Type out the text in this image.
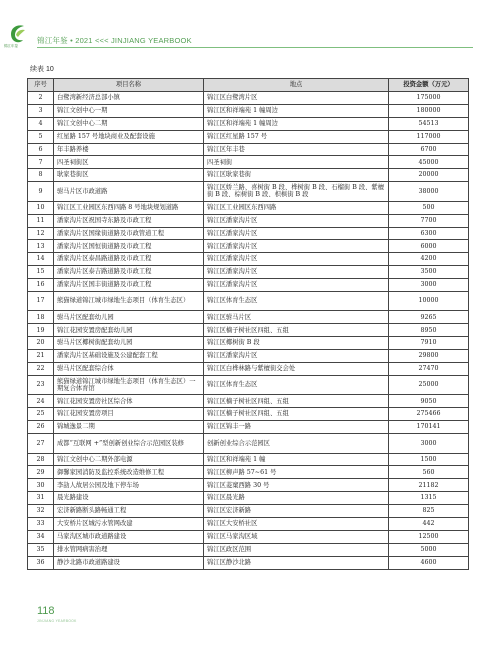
锦江年鉴
锦江年鉴 • 2021 <<< JINJIANG YEARBOOK
续表 10
序号	项目名称	地点	投资金额（万元）
2	白鹭湾新经济总部小镇	锦江区白鹭湾片区	175000
3	锦江文创中心一期	锦江区和祥端苑 1 幢周边	180000
4	锦江文创中心二期	锦江区和祥端苑 1 幢周边	54513
5	红星路 157 号地块商业及配套设施	锦江区红星路 157 号	117000
6	年丰路养楼	锦江区年丰巷	6700
7	四圣祠街区	四圣祠街	45000
8	耿家巷街区	锦江区耿家巷街	20000
9	驸马片区市政道路	锦江区娇兰路、喜树街 B 段、桦树街 B 段、石榴街 B 段、紫檀街 B 段、棕树街 B 段、枳椇街 B 段	38000
10	锦江区工业园区东西四路 8 号地块规划道路	锦江区工业园区东西四路	500
11	潘家沟片区祝国寺东路及市政工程	锦江区潘家沟片区	7700
12	潘家沟片区国缘街道路及市政管道工程	锦江区潘家沟片区	6300
13	潘家沟片区国恒街道路及市政工程	锦江区潘家沟片区	6000
14	潘家沟片区泰昌路道路及市政工程	锦江区潘家沟片区	4200
15	潘家沟片区泰吉路道路及市政工程	锦江区潘家沟片区	3500
16	潘家沟片区国丰街道路及市政工程	锦江区潘家沟片区	3000
17	熊猫绿道锦江城市绿地生态项目（体育生态区）	锦江区体育生态区	10000
18	驸马片区配套幼儿园	锦江区驸马片区	9265
19	锦江花园安置房配套幼儿园	锦江区楠子树社区四组、五组	8950
20	驸马片区椰树街配套幼儿园	锦江区椰树街 B 段	7910
21	潘家沟片区基础设施及公建配套工程	锦江区潘家沟片区	29800
22	驸马片区配套综合体	锦江区白桦林路与紫檀街交会处	27470
23	熊猫绿道锦江城市绿地生态项目（体育生态区）一期复合体育馆	锦江区体育生态区	25000
24	锦江花园安置房社区综合体	锦江区楠子树社区四组、五组	9050
25	锦江花园安置房项目	锦江区楠子树社区四组、五组	275466
26	锦城逸景二期	锦江区锦丰一路	170141
27	成都“互联网 +”型创新创业综合示范园区装修	创新创业综合示范园区	3000
28	锦江文创中心二期外部电源	锦江区和祥端苑 1 幢	1500
29	御馨家园消防及监控系统改造维修工程	锦江区柳声路 57~61 号	560
30	李劼人故居公园及地下停车场	锦江区菱窠西路 30 号	21182
31	晨光路建设	锦江区晨光路	1315
32	宏济新路断头路畅通工程	锦江区宏济新路	825
33	大安桥片区城污水管网改建	锦江区大安桥社区	442
34	马家沟区城市政道路建设	锦江区马家沟区域	12500
35	排水管网病害治理	锦江区政区范围	5000
36	静沙北路市政道路建设	锦江区静沙北路	4600
118
JINJIANG YEARBOOK
